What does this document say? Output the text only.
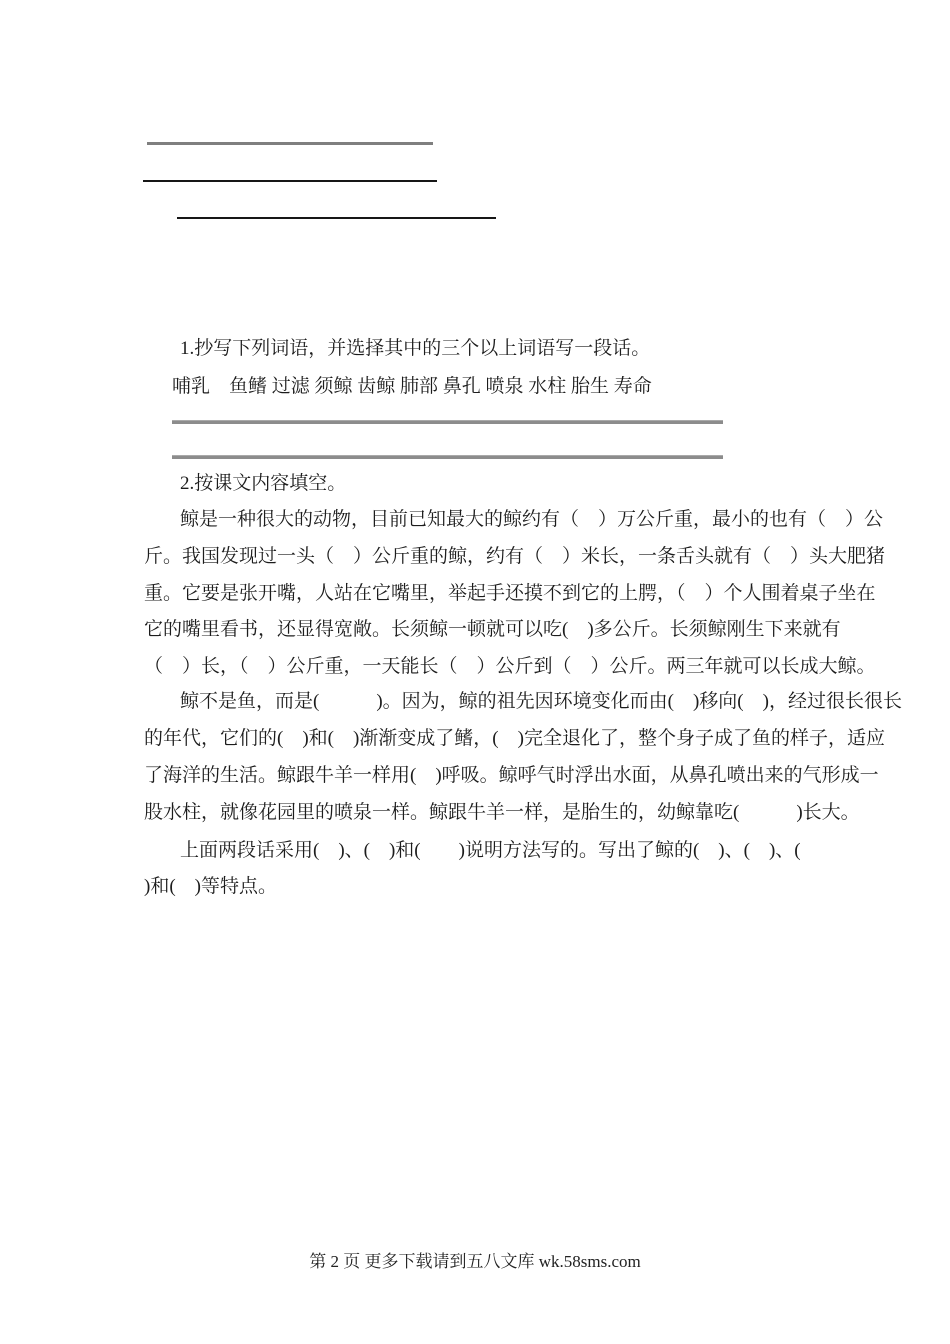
1.抄写下列词语，并选择其中的三个以上词语写一段话。
哺乳　鱼鳍 过滤 须鲸 齿鲸 肺部 鼻孔 喷泉 水柱 胎生 寿命
2.按课文内容填空。
鲸是一种很大的动物，目前已知最大的鲸约有（　）万公斤重，最小的也有（　）公
斤。我国发现过一头（　）公斤重的鲸，约有（　）米长，一条舌头就有（　）头大肥猪
重。它要是张开嘴，人站在它嘴里，举起手还摸不到它的上腭，（　）个人围着桌子坐在
它的嘴里看书，还显得宽敞。长须鲸一顿就可以吃(　)多公斤。长须鲸刚生下来就有
（　）长，（　）公斤重，一天能长（　）公斤到（　）公斤。两三年就可以长成大鲸。
鲸不是鱼，而是(　　　)。因为，鲸的祖先因环境变化而由(　)移向(　)，经过很长很长
的年代，它们的(　)和(　)渐渐变成了鳍，(　)完全退化了，整个身子成了鱼的样子，适应
了海洋的生活。鲸跟牛羊一样用(　)呼吸。鲸呼气时浮出水面，从鼻孔喷出来的气形成一
股水柱，就像花园里的喷泉一样。鲸跟牛羊一样，是胎生的，幼鲸靠吃(　　　)长大。
上面两段话采用(　)、(　)和(　　)说明方法写的。写出了鲸的(　)、(　)、(
)和(　)等特点。
第 2 页 更多下载请到五八文库 wk.58sms.com
